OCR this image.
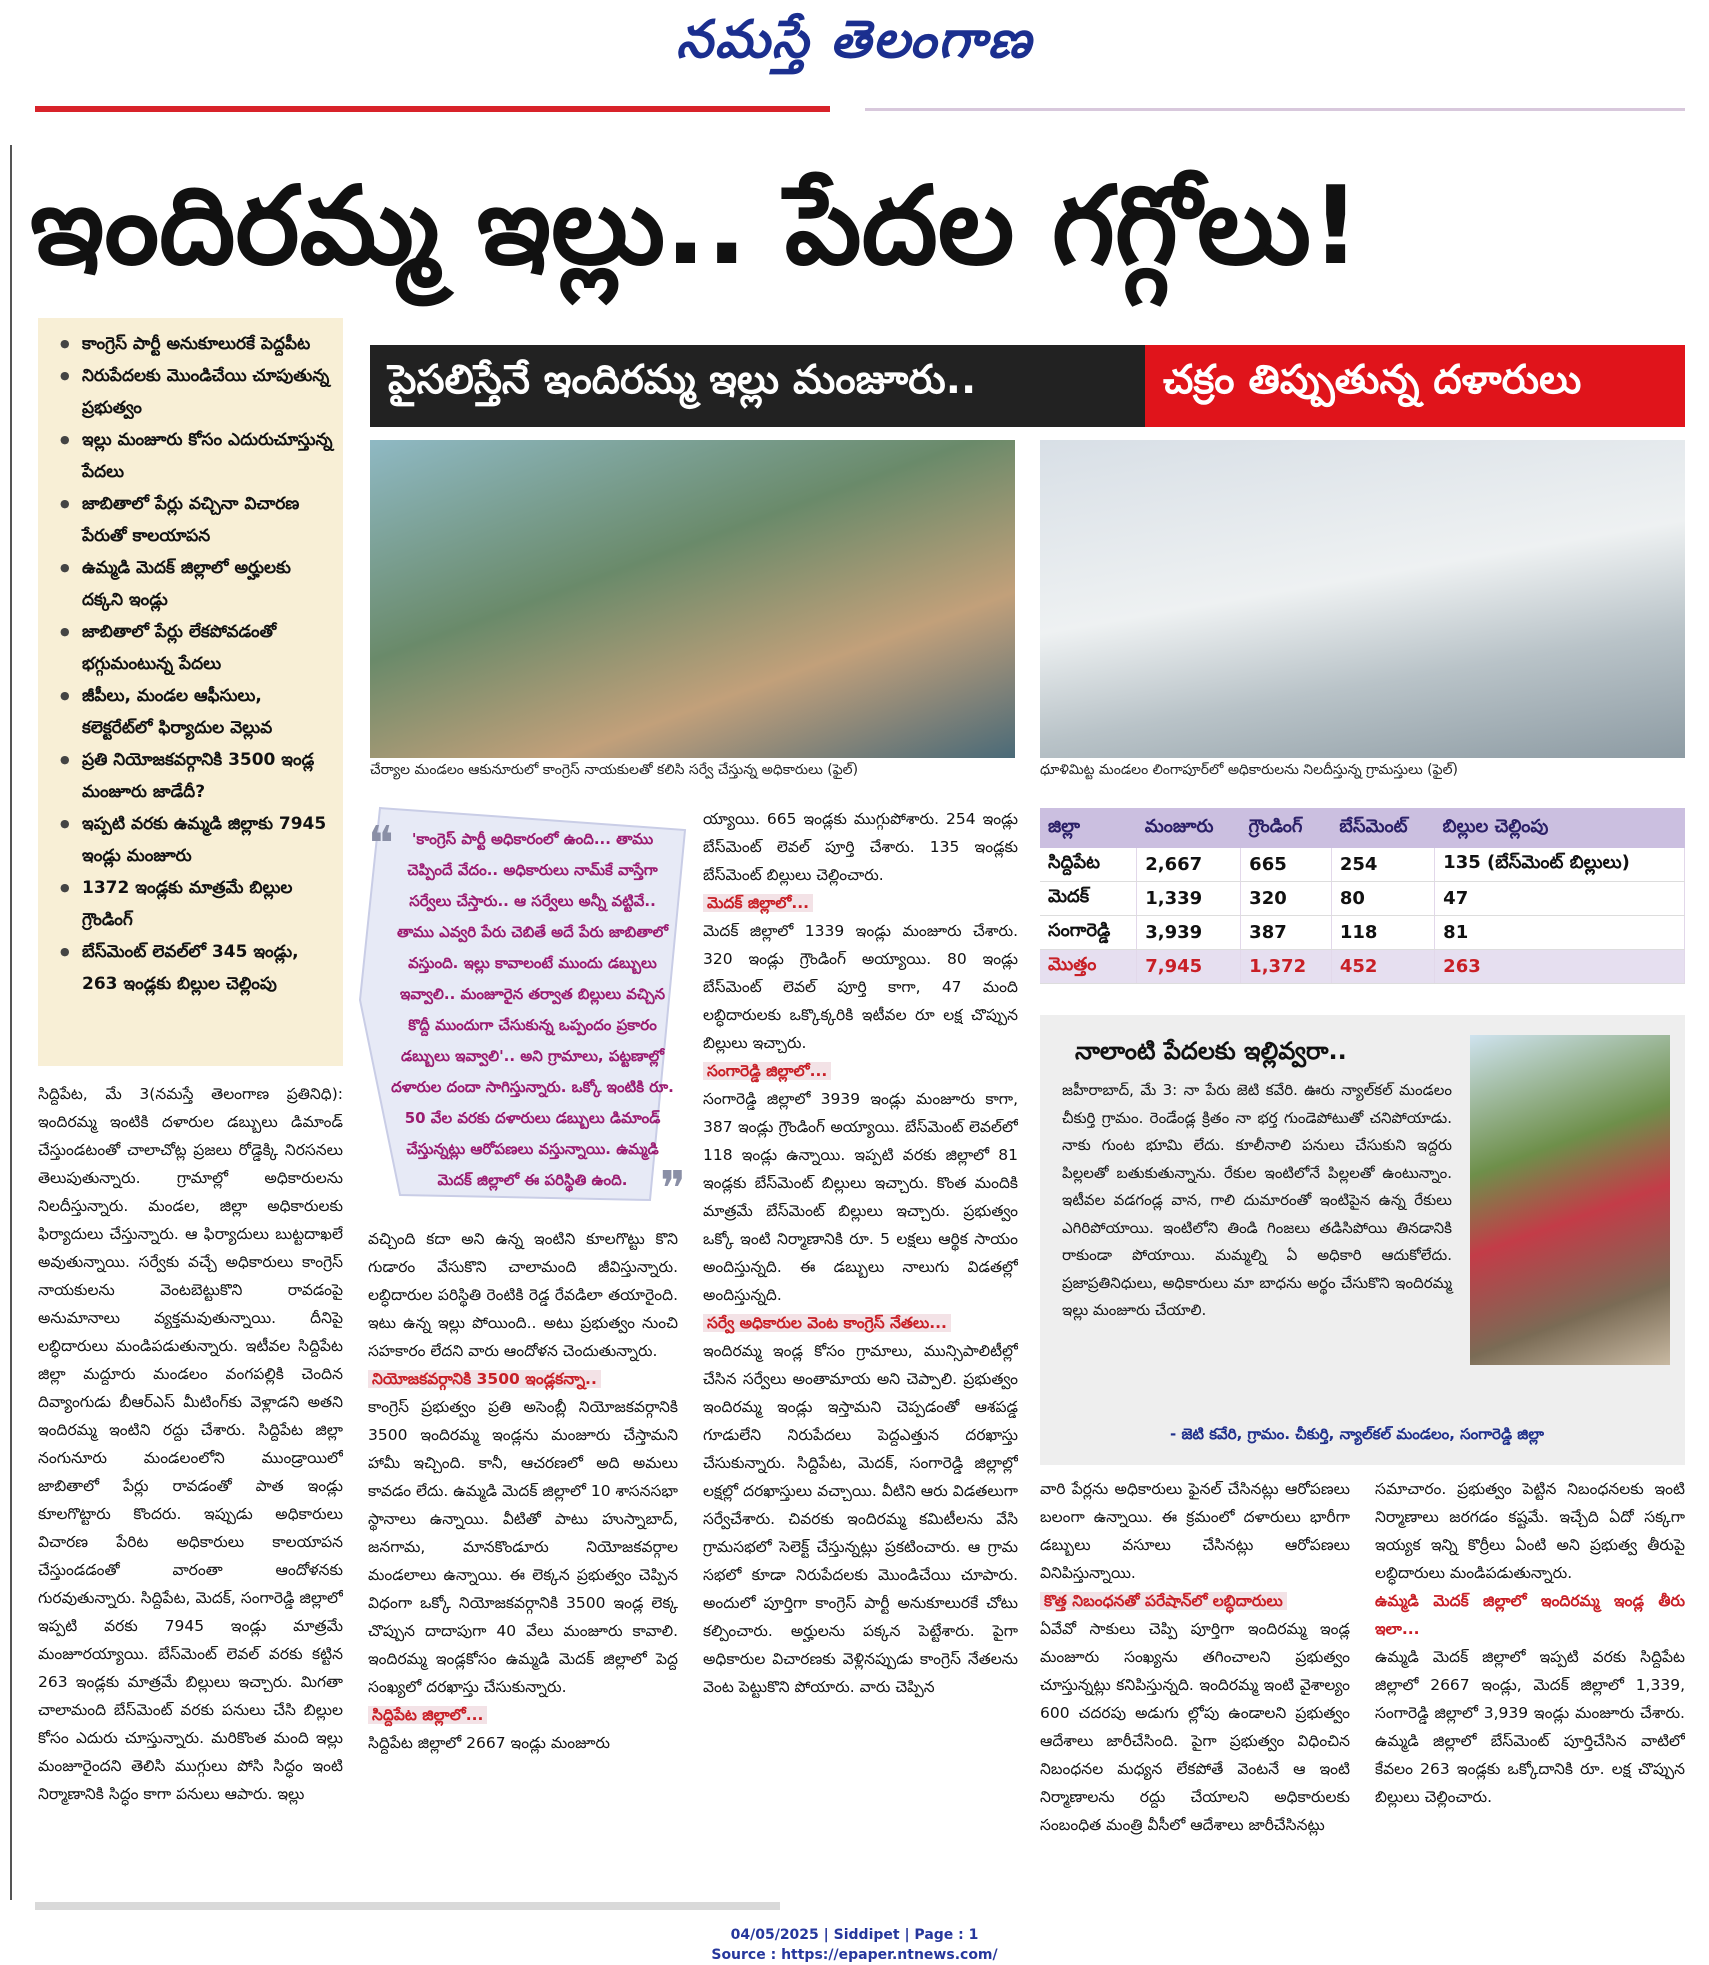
నమస్తే తెలంగాణ
ఇందిరమ్మ ఇల్లు.. పేదల గగ్గోలు!
● కాంగ్రెస్ పార్టీ అనుకూలురకే పెద్దపీట
● నిరుపేదలకు మొండిచేయి చూపుతున్న ప్రభుత్వం
● ఇల్లు మంజూరు కోసం ఎదురుచూస్తున్న పేదలు
● జాబితాలో పేర్లు వచ్చినా విచారణ పేరుతో కాలయాపన
● ఉమ్మడి మెదక్ జిల్లాలో అర్హులకు దక్కని ఇండ్లు
● జాబితాలో పేర్లు లేకపోవడంతో భగ్గుమంటున్న పేదలు
● జీపీలు, మండల ఆఫీసులు, కలెక్టరేట్‌లో ఫిర్యాదుల వెల్లువ
● ప్రతి నియోజకవర్గానికి 3500 ఇండ్ల మంజూరు జాడేదీ?
● ఇప్పటి వరకు ఉమ్మడి జిల్లాకు 7945 ఇండ్లు మంజూరు
● 1372 ఇండ్లకు మాత్రమే బిల్లుల గ్రౌండింగ్
● బేస్‌మెంట్ లెవల్‌లో 345 ఇండ్లు, 263 ఇండ్లకు బిల్లుల చెల్లింపు
పైసలిస్తేనే ఇందిరమ్మ ఇల్లు మంజూరు..	చక్రం తిప్పుతున్న దళారులు
చేర్యాల మండలం ఆకునూరులో కాంగ్రెస్ నాయకులతో కలిసి సర్వే చేస్తున్న అధికారులు (ఫైల్)	ధూళిమిట్ట మండలం లింగాపూర్‌లో అధికారులను నిలదీస్తున్న గ్రామస్తులు (ఫైల్)
❝
❞
'కాంగ్రెస్ పార్టీ అధికారంలో ఉంది... తాము చెప్పిందే వేదం.. అధికారులు నామ్‌కే వాస్తేగా సర్వేలు చేస్తారు.. ఆ సర్వేలు అన్నీ వట్టివే.. తాము ఎవ్వరి పేరు చెబితే అదే పేరు జాబితాలో వస్తుంది. ఇల్లు కావాలంటే ముందు డబ్బులు ఇవ్వాలి.. మంజూరైన తర్వాత బిల్లులు వచ్చిన కొద్దీ ముందుగా చేసుకున్న ఒప్పందం ప్రకారం డబ్బులు ఇవ్వాలి'.. అని గ్రామాలు, పట్టణాల్లో దళారుల దందా సాగిస్తున్నారు. ఒక్కో ఇంటికి రూ. 50 వేల వరకు దళారులు డబ్బులు డిమాండ్ చేస్తున్నట్లు ఆరోపణలు వస్తున్నాయి. ఉమ్మడి మెదక్ జిల్లాలో ఈ పరిస్థితి ఉంది.
జిల్లా	మంజూరు	గ్రౌండింగ్	బేస్‌మెంట్	బిల్లుల చెల్లింపు
సిద్దిపేట	2,667	665	254	135 (బేస్‌మెంట్ బిల్లులు)
మెదక్	1,339	320	80	47
సంగారెడ్డి	3,939	387	118	81
మొత్తం	7,945	1,372	452	263
నాలాంటి పేదలకు ఇల్లివ్వరా..
జహీరాబాద్, మే 3: నా పేరు జెటి కవేరి. ఊరు న్యాల్‌కల్ మండలం చీకుర్తి గ్రామం. రెండేండ్ల క్రితం నా భర్త గుండెపోటుతో చనిపోయాడు. నాకు గుంట భూమి లేదు. కూలీనాలి పనులు చేసుకుని ఇద్దరు పిల్లలతో బతుకుతున్నాను. రేకుల ఇంటిలోనే పిల్లలతో ఉంటున్నాం. ఇటీవల వడగండ్ల వాన, గాలి దుమారంతో ఇంటిపైన ఉన్న రేకులు ఎగిరిపోయాయి. ఇంటిలోని తిండి గింజలు తడిసిపోయి తినడానికి రాకుండా పోయాయి. మమ్మల్ని ఏ అధికారి ఆదుకోలేదు. ప్రజాప్రతినిధులు, అధికారులు మా బాధను అర్థం చేసుకొని ఇందిరమ్మ ఇల్లు మంజూరు చేయాలి.
- జెటి కవేరి, గ్రామం. చీకుర్తి, న్యాల్‌కల్ మండలం, సంగారెడ్డి జిల్లా

సిద్దిపేట, మే 3(నమస్తే తెలంగాణ ప్రతినిధి): ఇందిరమ్మ ఇంటికి దళారుల డబ్బులు డిమాండ్ చేస్తుండటంతో చాలాచోట్ల ప్రజలు రోడ్డెక్కి నిరసనలు తెలుపుతున్నారు. గ్రామాల్లో అధికారులను నిలదీస్తున్నారు. మండల, జిల్లా అధికారులకు ఫిర్యాదులు చేస్తున్నారు. ఆ ఫిర్యాదులు బుట్టదాఖలే అవుతున్నాయి. సర్వేకు వచ్చే అధికారులు కాంగ్రెస్ నాయకులను వెంటబెట్టుకొని రావడంపై అనుమానాలు వ్యక్తమవుతున్నాయి. దీనిపై లబ్ధిదారులు మండిపడుతున్నారు. ఇటీవల సిద్దిపేట జిల్లా మద్దూరు మండలం వంగపల్లికి చెందిన దివ్యాంగుడు బీఆర్‌ఎస్ మీటింగ్‌కు వెళ్లాడని అతని ఇందిరమ్మ ఇంటిని రద్దు చేశారు. సిద్దిపేట జిల్లా నంగునూరు మండలంలోని ముండ్రాయిలో జాబితాలో పేర్లు రావడంతో పాత ఇండ్లు కూలగొట్టారు కొందరు. ఇప్పుడు అధికారులు విచారణ పేరిట అధికారులు కాలయాపన చేస్తుండడంతో వారంతా ఆందోళనకు గురవుతున్నారు. సిద్దిపేట, మెదక్, సంగారెడ్డి జిల్లాలో ఇప్పటి వరకు 7945 ఇండ్లు మాత్రమే మంజూరయ్యాయి. బేస్‌మెంట్ లెవల్ వరకు కట్టిన 263 ఇండ్లకు మాత్రమే బిల్లులు ఇచ్చారు. మిగతా చాలామంది బేస్‌మెంట్ వరకు పనులు చేసి బిల్లుల కోసం ఎదురు చూస్తున్నారు. మరికొంత మంది ఇల్లు మంజూరైందని తెలిసి ముగ్గులు పోసి సిద్ధం ఇంటి నిర్మాణానికి సిద్ధం కాగా పనులు ఆపారు. ఇల్లు

వచ్చింది కదా అని ఉన్న ఇంటిని కూలగొట్టు కొని గుడారం వేసుకొని చాలామంది జీవిస్తున్నారు. లబ్ధిదారుల పరిస్థితి రెంటికి రెడ్డ రేవడిలా తయారైంది. ఇటు ఉన్న ఇల్లు పోయింది.. అటు ప్రభుత్వం నుంచి సహకారం లేదని వారు ఆందోళన చెందుతున్నారు.

నియోజకవర్గానికి 3500 ఇండ్లకన్నా..

కాంగ్రెస్ ప్రభుత్వం ప్రతి అసెంబ్లీ నియోజకవర్గానికి 3500 ఇందిరమ్మ ఇండ్లను మంజూరు చేస్తామని హామీ ఇచ్చింది. కానీ, ఆచరణలో అది అమలు కావడం లేదు. ఉమ్మడి మెదక్ జిల్లాలో 10 శాసనసభా స్థానాలు ఉన్నాయి. వీటితో పాటు హుస్నాబాద్, జనగామ, మానకొండూరు నియోజకవర్గాల మండలాలు ఉన్నాయి. ఈ లెక్కన ప్రభుత్వం చెప్పిన విధంగా ఒక్కో నియోజకవర్గానికి 3500 ఇండ్ల లెక్క చొప్పున దాదాపుగా 40 వేలు మంజూరు కావాలి. ఇందిరమ్మ ఇండ్లకోసం ఉమ్మడి మెదక్ జిల్లాలో పెద్ద సంఖ్యలో దరఖాస్తు చేసుకున్నారు.

సిద్దిపేట జిల్లాలో...

సిద్దిపేట జిల్లాలో 2667 ఇండ్లు మంజూరు

య్యాయి. 665 ఇండ్లకు ముగ్గుపోశారు. 254 ఇండ్లు బేస్‌మెంట్ లెవల్ పూర్తి చేశారు. 135 ఇండ్లకు బేస్‌మెంట్ బిల్లులు చెల్లించారు.

మెదక్ జిల్లాలో...

మెదక్ జిల్లాలో 1339 ఇండ్లు మంజూరు చేశారు. 320 ఇండ్లు గ్రౌండింగ్ అయ్యాయి. 80 ఇండ్లు బేస్‌మెంట్ లెవల్ పూర్తి కాగా, 47 మంది లబ్ధిదారులకు ఒక్కొక్కరికి ఇటీవల రూ లక్ష చొప్పున బిల్లులు ఇచ్చారు.

సంగారెడ్డి జిల్లాలో...

సంగారెడ్డి జిల్లాలో 3939 ఇండ్లు మంజూరు కాగా, 387 ఇండ్లు గ్రౌండింగ్ అయ్యాయి. బేస్‌మెంట్ లెవల్‌లో 118 ఇండ్లు ఉన్నాయి. ఇప్పటి వరకు జిల్లాలో 81 ఇండ్లకు బేస్‌మెంట్ బిల్లులు ఇచ్చారు. కొంత మందికి మాత్రమే బేస్‌మెంట్ బిల్లులు ఇచ్చారు. ప్రభుత్వం ఒక్కో ఇంటి నిర్మాణానికి రూ. 5 లక్షలు ఆర్థిక సాయం అందిస్తున్నది. ఈ డబ్బులు నాలుగు విడతల్లో అందిస్తున్నది.

సర్వే అధికారుల వెంట కాంగ్రెస్ నేతలు...

ఇందిరమ్మ ఇండ్ల కోసం గ్రామాలు, మున్సిపాలిటీల్లో చేసిన సర్వేలు అంతామాయ అని చెప్పాలి. ప్రభుత్వం ఇందిరమ్మ ఇండ్లు ఇస్తామని చెప్పడంతో ఆశపడ్డ గూడులేని నిరుపేదలు పెద్దఎత్తున దరఖాస్తు చేసుకున్నారు. సిద్దిపేట, మెదక్, సంగారెడ్డి జిల్లాల్లో లక్షల్లో దరఖాస్తులు వచ్చాయి. వీటిని ఆరు విడతలుగా సర్వేచేశారు. చివరకు ఇందిరమ్మ కమిటీలను వేసి గ్రామసభలో సెలెక్ట్ చేస్తున్నట్లు ప్రకటించారు. ఆ గ్రామ సభలో కూడా నిరుపేదలకు మొండిచేయి చూపారు. అందులో పూర్తిగా కాంగ్రెస్ పార్టీ అనుకూలురకే చోటు కల్పించారు. అర్హులను పక్కన పెట్టేశారు. పైగా అధికారుల విచారణకు వెళ్లినప్పుడు కాంగ్రెస్ నేతలను వెంట పెట్టుకొని పోయారు. వారు చెప్పిన

వారి పేర్లను అధికారులు ఫైనల్ చేసినట్లు ఆరోపణలు బలంగా ఉన్నాయి. ఈ క్రమంలో దళారులు భారీగా డబ్బులు వసూలు చేసినట్లు ఆరోపణలు వినిపిస్తున్నాయి.

కొత్త నిబంధనతో పరేషాన్‌లో లబ్ధిదారులు

ఏవేవో సాకులు చెప్పి పూర్తిగా ఇందిరమ్మ ఇండ్ల మంజూరు సంఖ్యను తగించాలని ప్రభుత్వం చూస్తున్నట్లు కనిపిస్తున్నది. ఇందిరమ్మ ఇంటి వైశాల్యం 600 చదరపు అడుగు ల్లోపు ఉండాలని ప్రభుత్వం ఆదేశాలు జారీచేసింది. పైగా ప్రభుత్వం విధించిన నిబంధనల మధ్యన లేకపోతే వెంటనే ఆ ఇంటి నిర్మాణాలను రద్దు చేయాలని అధికారులకు సంబంధిత మంత్రి వీసీలో ఆదేశాలు జారీచేసినట్లు

సమాచారం. ప్రభుత్వం పెట్టిన నిబంధనలకు ఇంటి నిర్మాణాలు జరగడం కష్టమే. ఇచ్చేది ఏదో సక్కగా ఇయ్యక ఇన్ని కొర్రీలు ఏంటి అని ప్రభుత్వ తీరుపై లబ్ధిదారులు మండిపడుతున్నారు.

ఉమ్మడి మెదక్ జిల్లాలో ఇందిరమ్మ ఇండ్ల తీరు ఇలా...

ఉమ్మడి మెదక్ జిల్లాలో ఇప్పటి వరకు సిద్దిపేట జిల్లాలో 2667 ఇండ్లు, మెదక్ జిల్లాలో 1,339, సంగారెడ్డి జిల్లాలో 3,939 ఇండ్లు మంజూరు చేశారు. ఉమ్మడి జిల్లాలో బేస్‌మెంట్ పూర్తిచేసిన వాటిలో కేవలం 263 ఇండ్లకు ఒక్కోదానికి రూ. లక్ష చొప్పున బిల్లులు చెల్లించారు.

04/05/2025 | Siddipet | Page : 1
Source : https://epaper.ntnews.com/
